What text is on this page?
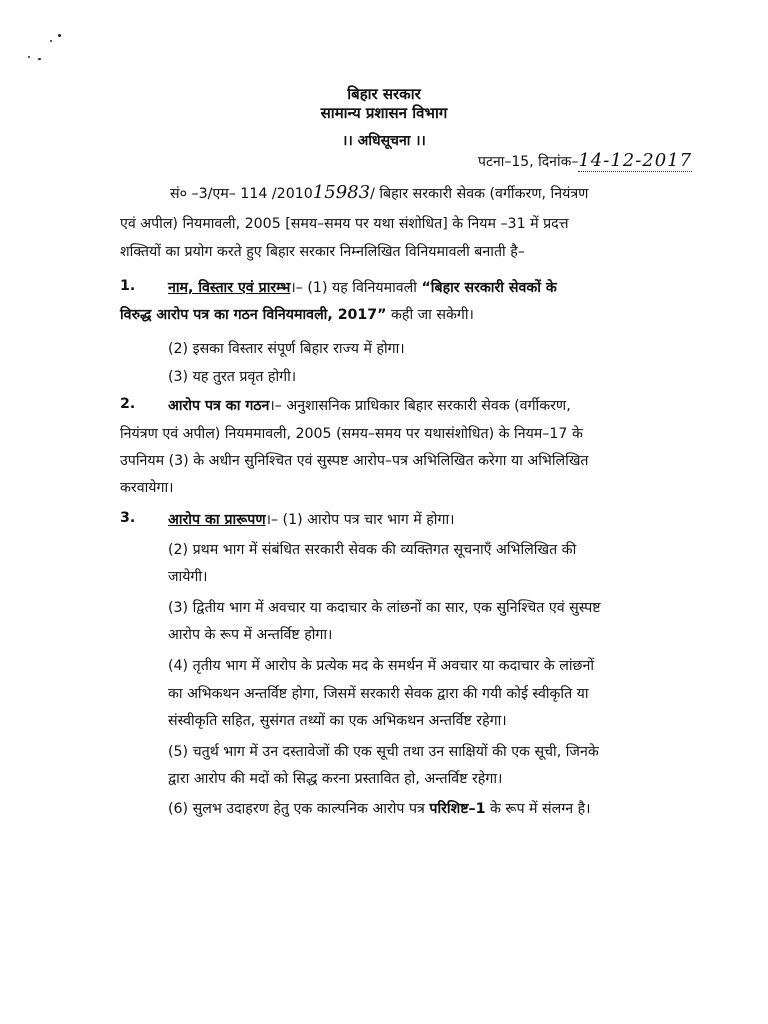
बिहार सरकार
सामान्य प्रशासन विभाग
।। अधिसूचना ।।
पटना–15, दिनांक–14-12-2017
सं० –3/एम– 114 /201015983/ बिहार सरकारी सेवक (वर्गीकरण, नियंत्रण
एवं अपील) नियमावली, 2005 [समय–समय पर यथा संशोधित] के नियम –31 में प्रदत्त
शक्तियों का प्रयोग करते हुए बिहार सरकार निम्नलिखित विनियमावली बनाती है–
1. नाम, विस्तार एवं प्रारम्भ।– (1) यह विनियमावली “बिहार सरकारी सेवकों के
विरुद्ध आरोप पत्र का गठन विनियमावली, 2017” कही जा सकेगी।
(2) इसका विस्तार संपूर्ण बिहार राज्य में होगा।
(3) यह तुरत प्रवृत होगी।
2. आरोप पत्र का गठन।– अनुशासनिक प्राधिकार बिहार सरकारी सेवक (वर्गीकरण,
नियंत्रण एवं अपील) नियममावली, 2005 (समय–समय पर यथासंशोधित) के नियम–17 के
उपनियम (3) के अधीन सुनिश्चित एवं सुस्पष्ट आरोप–पत्र अभिलिखित करेगा या अभिलिखित
करवायेगा।
3. आरोप का प्रारूपण।– (1) आरोप पत्र चार भाग में होगा।
(2) प्रथम भाग में संबंधित सरकारी सेवक की व्यक्तिगत सूचनाएँ अभिलिखित की
जायेगी।
(3) द्वितीय भाग में अवचार या कदाचार के लांछनों का सार, एक सुनिश्चित एवं सुस्पष्ट
आरोप के रूप में अन्तर्विष्ट होगा।
(4) तृतीय भाग में आरोप के प्रत्येक मद के समर्थन में अवचार या कदाचार के लांछनों
का अभिकथन अन्तर्विष्ट होगा, जिसमें सरकारी सेवक द्वारा की गयी कोई स्वीकृति या
संस्वीकृति सहित, सुसंगत तथ्यों का एक अभिकथन अन्तर्विष्ट रहेगा।
(5) चतुर्थ भाग में उन दस्तावेजों की एक सूची तथा उन साक्षियों की एक सूची, जिनके
द्वारा आरोप की मदों को सिद्ध करना प्रस्तावित हो, अन्तर्विष्ट रहेगा।
(6) सुलभ उदाहरण हेतु एक काल्पनिक आरोप पत्र परिशिष्ट–1 के रूप में संलग्न है।
